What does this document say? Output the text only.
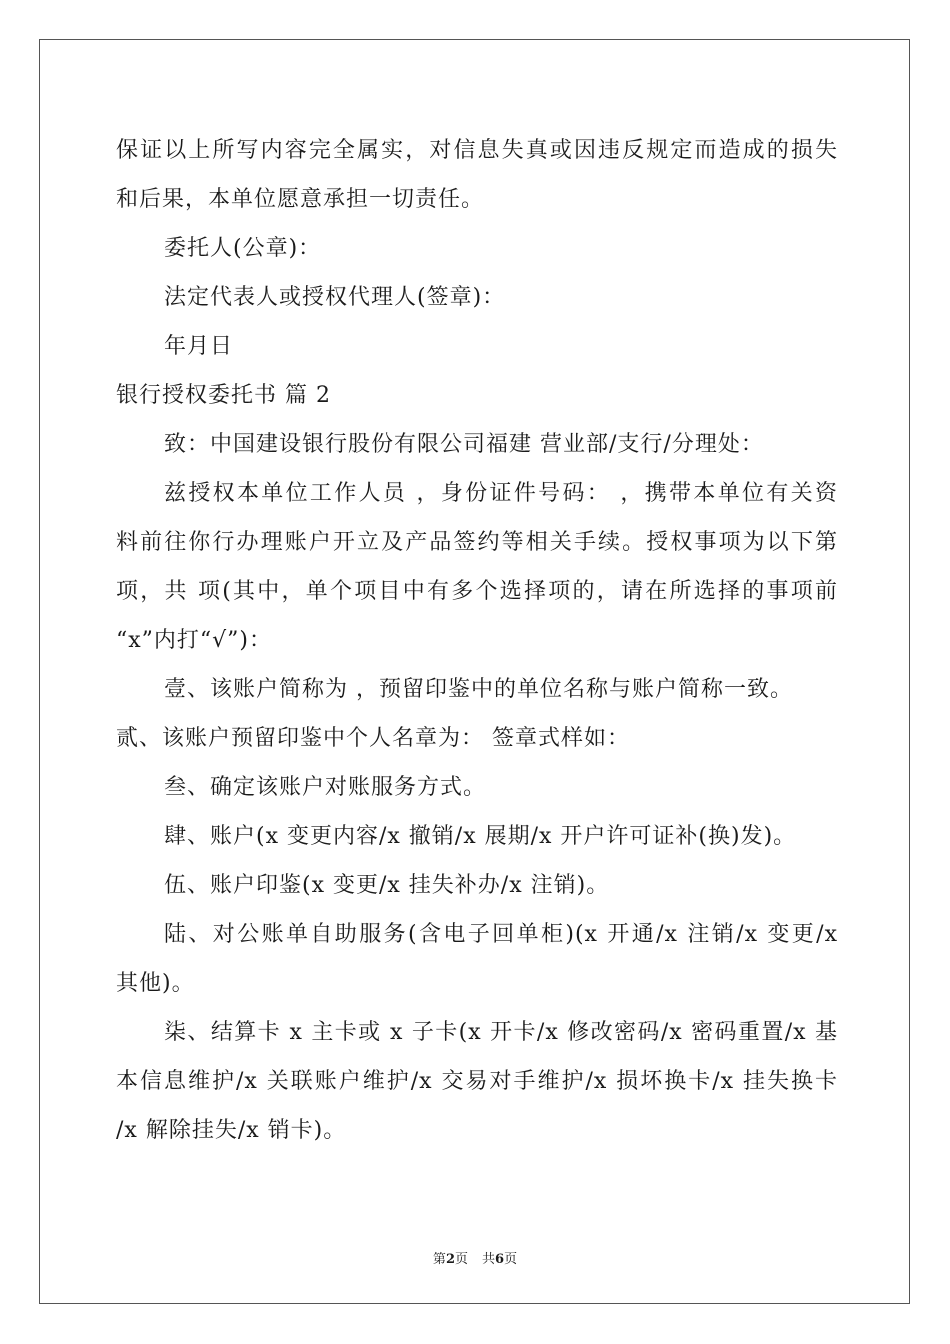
保证以上所写内容完全属实，对信息失真或因违反规定而造成的损失
和后果，本单位愿意承担一切责任。
委托人(公章)：
法定代表人或授权代理人(签章)：
年月日
银行授权委托书 篇 2
致：中国建设银行股份有限公司福建 营业部/支行/分理处：
兹授权本单位工作人员 ，身份证件号码： ，携带本单位有关资
料前往你行办理账户开立及产品签约等相关手续。授权事项为以下第
项，共 项(其中，单个项目中有多个选择项的，请在所选择的事项前
“x”内打“√”)：
壹、该账户简称为 ，预留印鉴中的单位名称与账户简称一致。
贰、该账户预留印鉴中个人名章为： 签章式样如：
叁、确定该账户对账服务方式。
肆、账户(x 变更内容/x 撤销/x 展期/x 开户许可证补(换)发)。
伍、账户印鉴(x 变更/x 挂失补办/x 注销)。
陆、对公账单自助服务(含电子回单柜)(x 开通/x 注销/x 变更/x
其他)。
柒、结算卡 x 主卡或 x 子卡(x 开卡/x 修改密码/x 密码重置/x 基
本信息维护/x 关联账户维护/x 交易对手维护/x 损坏换卡/x 挂失换卡
/x 解除挂失/x 销卡)。
第2页 共6页
